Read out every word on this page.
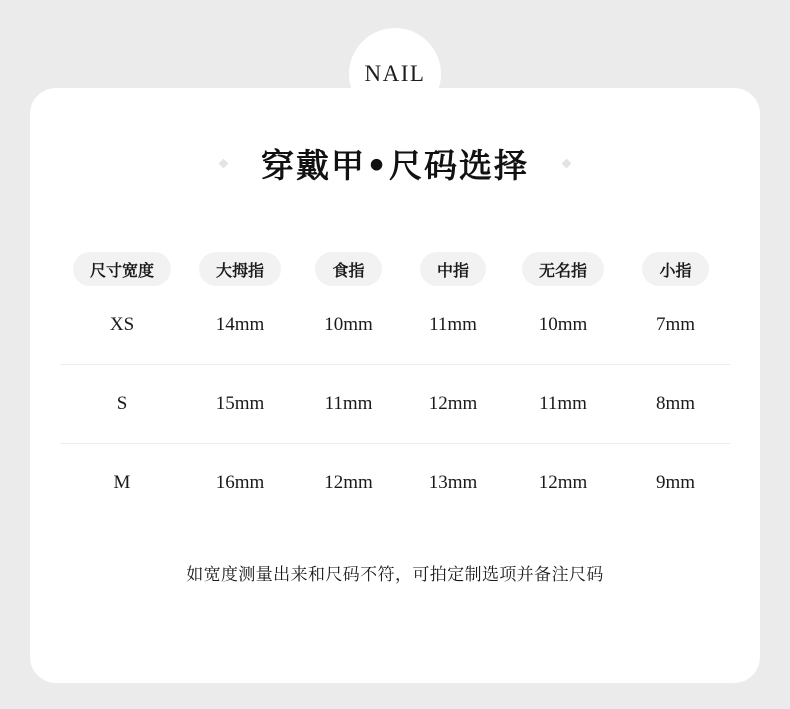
NAIL
穿戴甲•尺码选择
尺寸宽度	大拇指	食指	中指	无名指	小指
XS	14mm	10mm	11mm	10mm	7mm
S	15mm	11mm	12mm	11mm	8mm
M	16mm	12mm	13mm	12mm	9mm
如宽度测量出来和尺码不符，可拍定制选项并备注尺码
